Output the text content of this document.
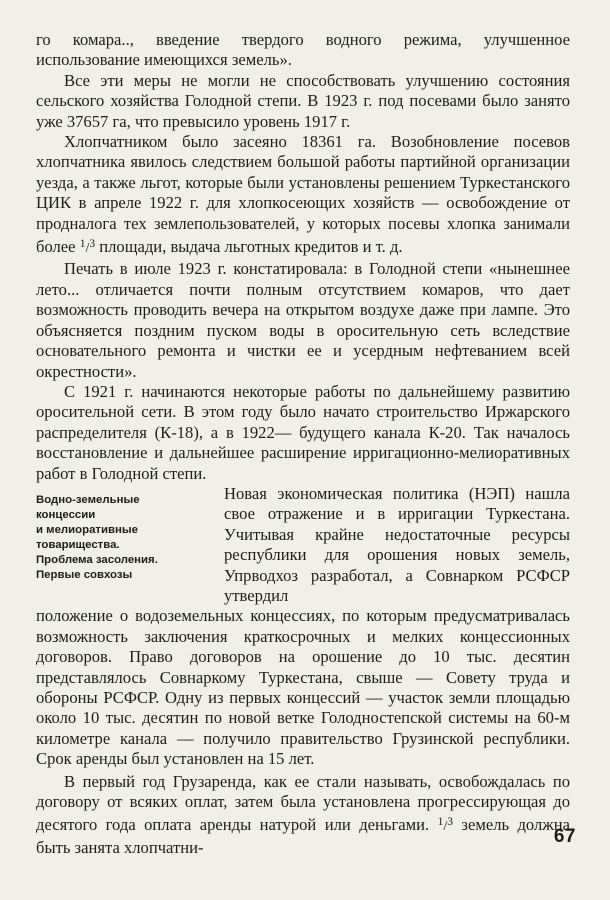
го комара.., введение твердого водного режима, улучшенное использование имеющихся земель».

Все эти меры не могли не способствовать улучшению состояния сельского хозяйства Голодной степи. В 1923 г. под посевами было занято уже 37657 га, что превысило уровень 1917 г.

Хлопчатником было засеяно 18361 га. Возобновление посевов хлопчатника явилось следствием большой работы партийной организации уезда, а также льгот, которые были установлены решением Туркестанского ЦИК в апреле 1922 г. для хлопкосеющих хозяйств — освобождение от продналога тех землепользователей, у которых посевы хлопка занимали более $^1$/$^3$ площади, выдача льготных кредитов и т. д.

Печать в июле 1923 г. констатировала: в Голодной степи «нынешнее лето... отличается почти полным отсутствием комаров, что дает возможность проводить вечера на открытом воздухе даже при лампе. Это объясняется поздним пуском воды в оросительную сеть вследствие основательного ремонта и чистки ее и усердным нефтеванием всей окрестности».

С 1921 г. начинаются некоторые работы по дальнейшему развитию оросительной сети. В этом году было начато строительство Иржарского распределителя (К-18), а в 1922— будущего канала К-20. Так началось восстановление и дальнейшее расширение ирригационно-мелиоративных работ в Голодной степи.

Водно-земельные
концессии
и мелиоративные
товарищества.
Проблема засоления.
Первые совхозы

Новая экономическая политика (НЭП) нашла свое отражение и в ирригации Туркестана. Учитывая крайне недостаточные ресурсы республики для орошения новых земель, Упрводхоз разработал, а Совнарком РСФСР утвердил

положение о водоземельных концессиях, по которым предусматривалась возможность заключения краткосрочных и мелких концессионных договоров. Право договоров на орошение до 10 тыс. десятин представлялось Совнаркому Туркестана, свыше — Совету труда и обороны РСФСР. Одну из первых концессий — участок земли площадью около 10 тыс. десятин по новой ветке Голодностепской системы на 60-м километре канала — получило правительство Грузинской республики. Срок аренды был установлен на 15 лет.

В первый год Грузаренда, как ее стали называть, освобождалась по договору от всяких оплат, затем была установлена прогрессирующая до десятого года оплата аренды натурой или деньгами. $^1$/$^3$ земель должна быть занята хлопчатни-

67
